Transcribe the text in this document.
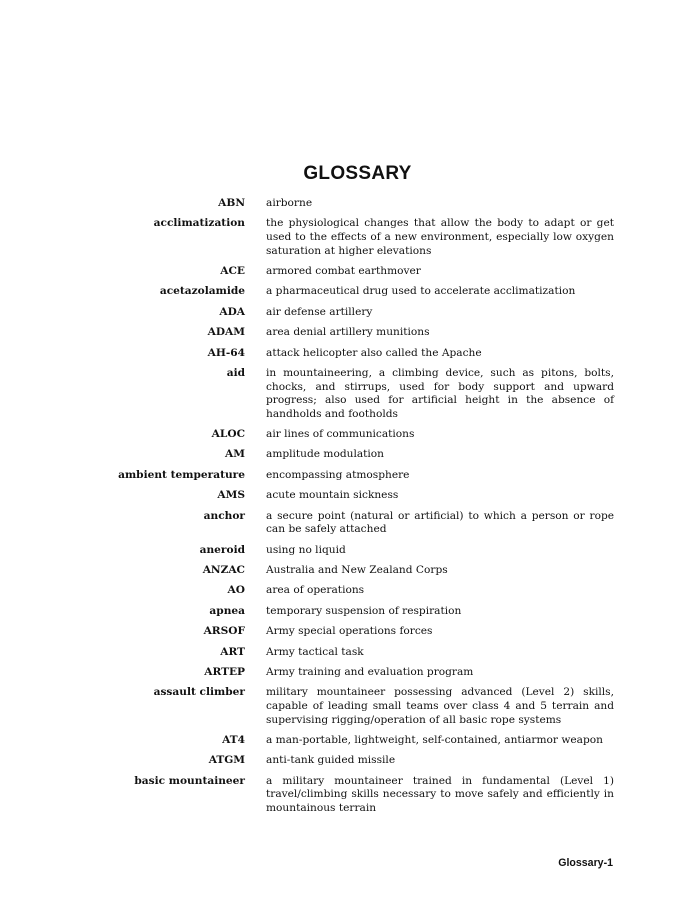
GLOSSARY
ABN airborne
acclimatization the physiological changes that allow the body to adapt or get used to the effects of a new environment, especially low oxygen saturation at higher elevations
ACE armored combat earthmover
acetazolamide a pharmaceutical drug used to accelerate acclimatization
ADA air defense artillery
ADAM area denial artillery munitions
AH-64 attack helicopter also called the Apache
aid in mountaineering, a climbing device, such as pitons, bolts, chocks, and stirrups, used for body support and upward progress; also used for artificial height in the absence of handholds and footholds
ALOC air lines of communications
AM amplitude modulation
ambient temperature encompassing atmosphere
AMS acute mountain sickness
anchor a secure point (natural or artificial) to which a person or rope can be safely attached
aneroid using no liquid
ANZAC Australia and New Zealand Corps
AO area of operations
apnea temporary suspension of respiration
ARSOF Army special operations forces
ART Army tactical task
ARTEP Army training and evaluation program
assault climber military mountaineer possessing advanced (Level 2) skills, capable of leading small teams over class 4 and 5 terrain and supervising rigging/operation of all basic rope systems
AT4 a man-portable, lightweight, self-contained, antiarmor weapon
ATGM anti-tank guided missile
basic mountaineer a military mountaineer trained in fundamental (Level 1) travel/climbing skills necessary to move safely and efficiently in mountainous terrain
Glossary-1
